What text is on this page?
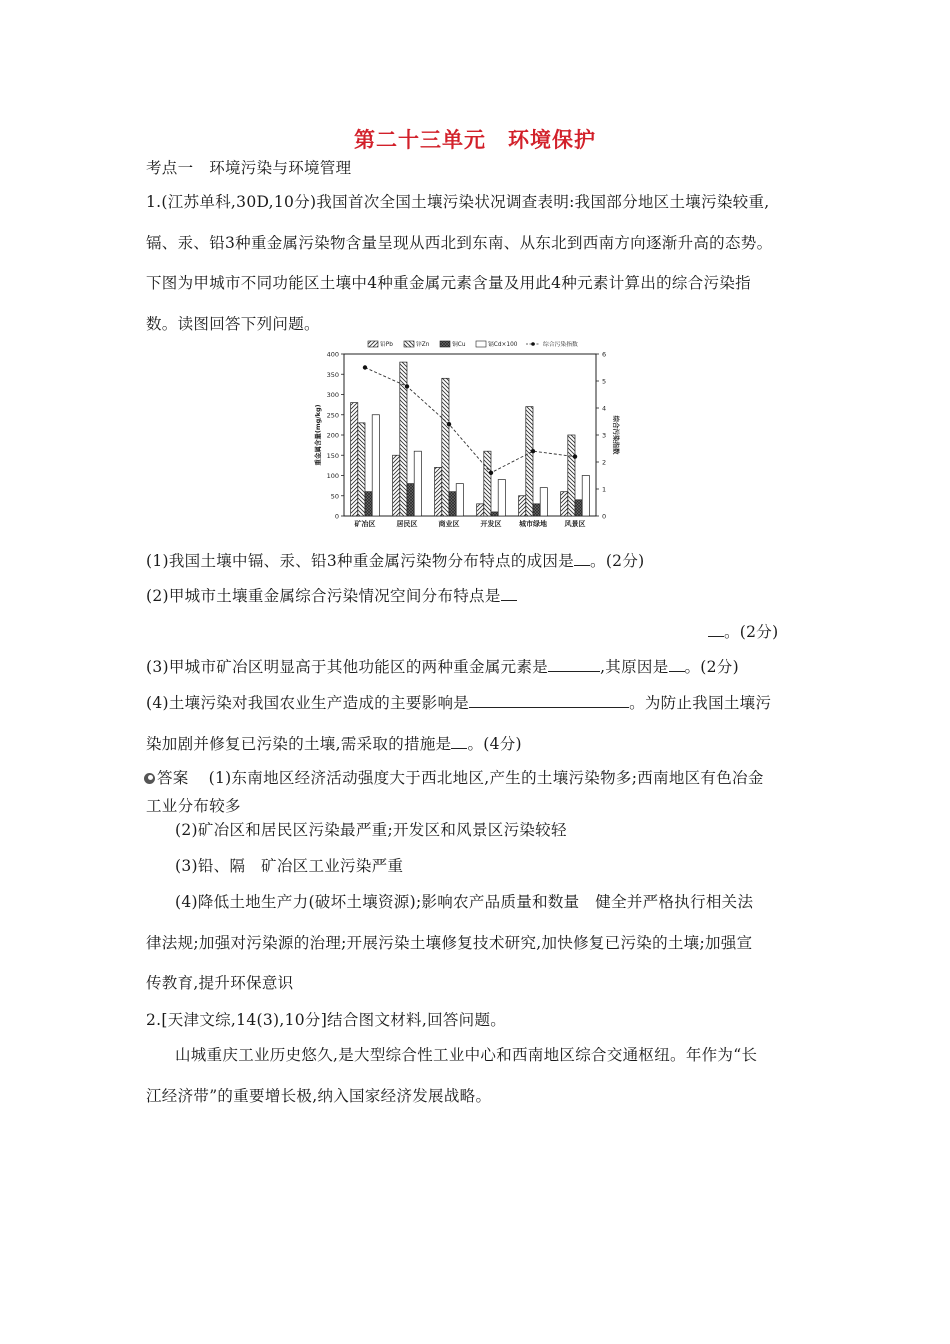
第二十三单元　环境保护
考点一　环境污染与环境管理
1.(江苏单科,30D,10分)我国首次全国土壤污染状况调查表明:我国部分地区土壤污染较重,
镉、汞、铅3种重金属污染物含量呈现从西北到东南、从东北到西南方向逐渐升高的态势。
下图为甲城市不同功能区土壤中4种重金属元素含量及用此4种元素计算出的综合污染指
数。读图回答下列问题。
铅Pb	锌Zn	铜Cu	镉Cd×100	综合污染指数
0
50
100
150
200
250
300
350
400
0
1
2
3
4
5
6
重金属含量(mg/kg)	综合污染指数
矿冶区	居民区	商业区	开发区	城市绿地	风景区
(1)我国土壤中镉、汞、铅3种重金属污染物分布特点的成因是 。(2分)
(2)甲城市土壤重金属综合污染情况空间分布特点是
。(2分)
(3)甲城市矿冶区明显高于其他功能区的两种重金属元素是	,其原因是 。(2分)
(4)土壤污染对我国农业生产造成的主要影响是	。为防止我国土壤污
染加剧并修复已污染的土壤,需采取的措施是 。(4分)
答案 (1)东南地区经济活动强度大于西北地区,产生的土壤污染物多;西南地区有色冶金
工业分布较多
(2)矿冶区和居民区污染最严重;开发区和风景区污染较轻
(3)铅、隔　矿冶区工业污染严重
(4)降低土地生产力(破坏土壤资源);影响农产品质量和数量　健全并严格执行相关法
律法规;加强对污染源的治理;开展污染土壤修复技术研究,加快修复已污染的土壤;加强宣
传教育,提升环保意识
2.[天津文综,14(3),10分]结合图文材料,回答问题。
山城重庆工业历史悠久,是大型综合性工业中心和西南地区综合交通枢纽。年作为“长
江经济带”的重要增长极,纳入国家经济发展战略。
